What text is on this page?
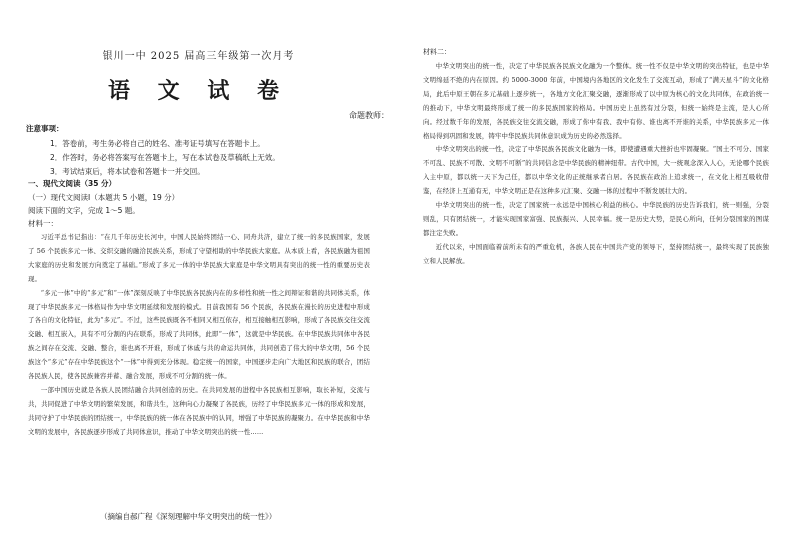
银川一中 2025 届高三年级第一次月考
语 文 试 卷
命题教师：
注意事项：
1．答卷前，考生务必将自己的姓名、准考证号填写在答题卡上。
2．作答时，务必将答案写在答题卡上，写在本试卷及草稿纸上无效。
3．考试结束后，将本试卷和答题卡一并交回。
一、现代文阅读（35 分）
（一）现代文阅读Ⅰ（本题共 5 小题，19 分）
阅读下面的文字，完成 1～5 题。
材料一：

习近平总书记指出：“在几千年历史长河中，中国人民始终团结一心、同舟共济，建立了统一的多民族国家，发展了 56 个民族多元一体、交织交融的融洽民族关系，形成了守望相助的中华民族大家庭。从本质上看，各民族融为祖国大家庭的历史和发展方向奠定了基础。”形成了多元一体的中华民族大家庭是中华文明具有突出的统一性的重要历史表现。

“多元一体”中的“多元”和“一体”深刻反映了中华民族各民族内在的多样性和统一性之间辩证和谐的共同体关系，体现了中华民族多元一体格局作为中华文明延续和发展的模式。目前我国有 56 个民族，各民族在漫长的历史进程中形成了各自的文化特征，此为“多元”。不过，这些民族既各不相同又相互依存，相互接触相互影响，形成了各民族交往交流交融、相互嵌入，具有不可分割的内在联系，形成了共同体，此即“一体”，这就是中华民族。在中华民族共同体中各民族之间存在交流、交融、整合，谁也离不开谁，形成了休戚与共的命运共同体，共同创造了伟大的中华文明，56 个民族这个“多元”存在中华民族这个“一体”中得到充分体现。稳定统一的国家，中国逐步走向广大地区和民族的联合，团结各民族人民，使各民族兼容并蓄、融合发展，形成不可分割的统一体。

一部中国历史就是各族人民团结融合共同创造的历史。在共同发展的进程中各民族相互影响，取长补短，交流与共，共同促进了中华文明的繁荣发展，和谐共生，这种向心力凝聚了各民族，历经了中华民族多元一体的形成和发展，共同守护了中华民族的团结统一，中华民族的统一体在各民族中的认同，增强了中华民族的凝聚力。在中华民族和中华文明的发展中，各民族逐步形成了共同体意识，推动了中华文明突出的统一性……

（摘编自郝广程《深刻理解中华文明突出的统一性》）
材料二：

中华文明突出的统一性，决定了中华民族各民族文化融为一个整体。统一性不仅是中华文明的突出特征，也是中华文明绵延不绝的内在原因。约 5000-3000 年前，中国境内各地区的文化发生了交流互动，形成了“满天星斗”的文化格局，此后中原王朝在多元基础上逐步统一，各地方文化汇聚交融，逐渐形成了以中原为核心的文化共同体，在政治统一的推动下，中华文明最终形成了统一的多民族国家的格局。中国历史上虽然有过分裂，但统一始终是主流，是人心所向。经过数千年的发展，各民族交往交流交融，形成了你中有我、我中有你、谁也离不开谁的关系，中华民族多元一体格局得到巩固和发展，铸牢中华民族共同体意识成为历史的必然选择。

中华文明突出的统一性，决定了中华民族各民族文化融为一体，即使遭遇重大挫折也牢固凝聚。“国土不可分、国家不可乱、民族不可散、文明不可断”的共同信念是中华民族的精神纽带。古代中国，大一统观念深入人心，无论哪个民族入主中原，都以统一天下为己任，都以中华文化的正统继承者自居。各民族在政治上追求统一，在文化上相互吸收借鉴，在经济上互通有无，中华文明正是在这种多元汇聚、交融一体的过程中不断发展壮大的。

中华文明突出的统一性，决定了国家统一永远是中国核心利益的核心。中华民族的历史告诉我们，统一则强，分裂则乱，只有团结统一，才能实现国家富强、民族振兴、人民幸福。统一是历史大势，是民心所向，任何分裂国家的图谋都注定失败。

近代以来，中国面临着前所未有的严重危机，各族人民在中国共产党的领导下，坚持团结统一，最终实现了民族独立和人民解放。
